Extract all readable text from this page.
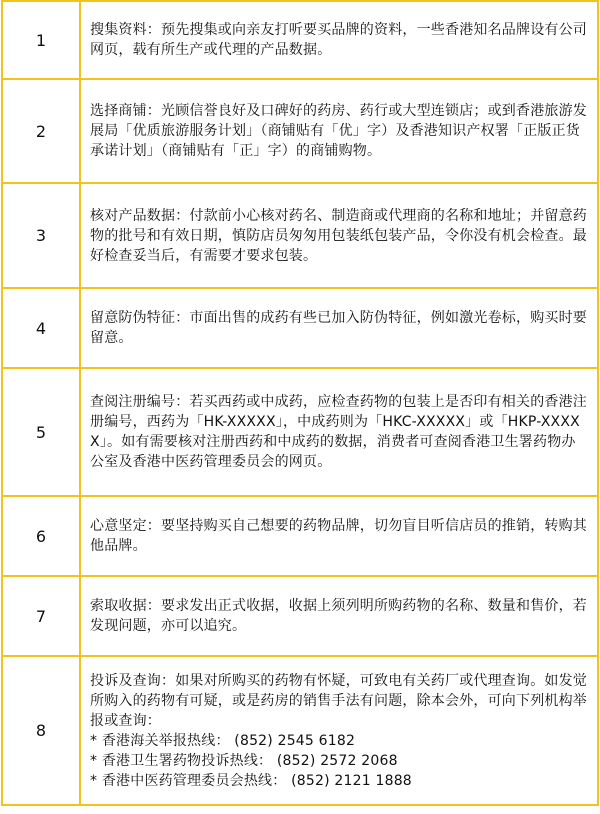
1	搜集资料：预先搜集或向亲友打听要买品牌的资料，一些香港知名品牌设有公司网页，载有所生产或代理的产品数据。
2	选择商铺：光顾信誉良好及口碑好的药房、药行或大型连锁店；或到香港旅游发展局「优质旅游服务计划」（商铺贴有「优」字）及香港知识产权署「正版正货承诺计划」（商铺贴有「正」字）的商铺购物。
3	核对产品数据：付款前小心核对药名、制造商或代理商的名称和地址；并留意药物的批号和有效日期，慎防店员匆匆用包装纸包装产品，令你没有机会检查。最好检查妥当后，有需要才要求包装。
4	留意防伪特征：市面出售的成药有些已加入防伪特征，例如激光卷标，购买时要留意。
5	查阅注册编号：若买西药或中成药，应检查药物的包装上是否印有相关的香港注册编号，西药为「HK-XXXXX」，中成药则为「HKC-XXXXX」或「HKP-XXXXX」。如有需要核对注册西药和中成药的数据，消费者可查阅香港卫生署药物办公室及香港中医药管理委员会的网页。
6	心意坚定：要坚持购买自己想要的药物品牌，切勿盲目听信店员的推销，转购其他品牌。
7	索取收据：要求发出正式收据，收据上须列明所购药物的名称、数量和售价，若发现问题，亦可以追究。
8	投诉及查询：如果对所购买的药物有怀疑，可致电有关药厂或代理查询。如发觉所购入的药物有可疑，或是药房的销售手法有问题，除本会外，可向下列机构举报或查询：
* 香港海关举报热线： (852) 2545 6182
* 香港卫生署药物投诉热线： (852) 2572 2068
* 香港中医药管理委员会热线： (852) 2121 1888
